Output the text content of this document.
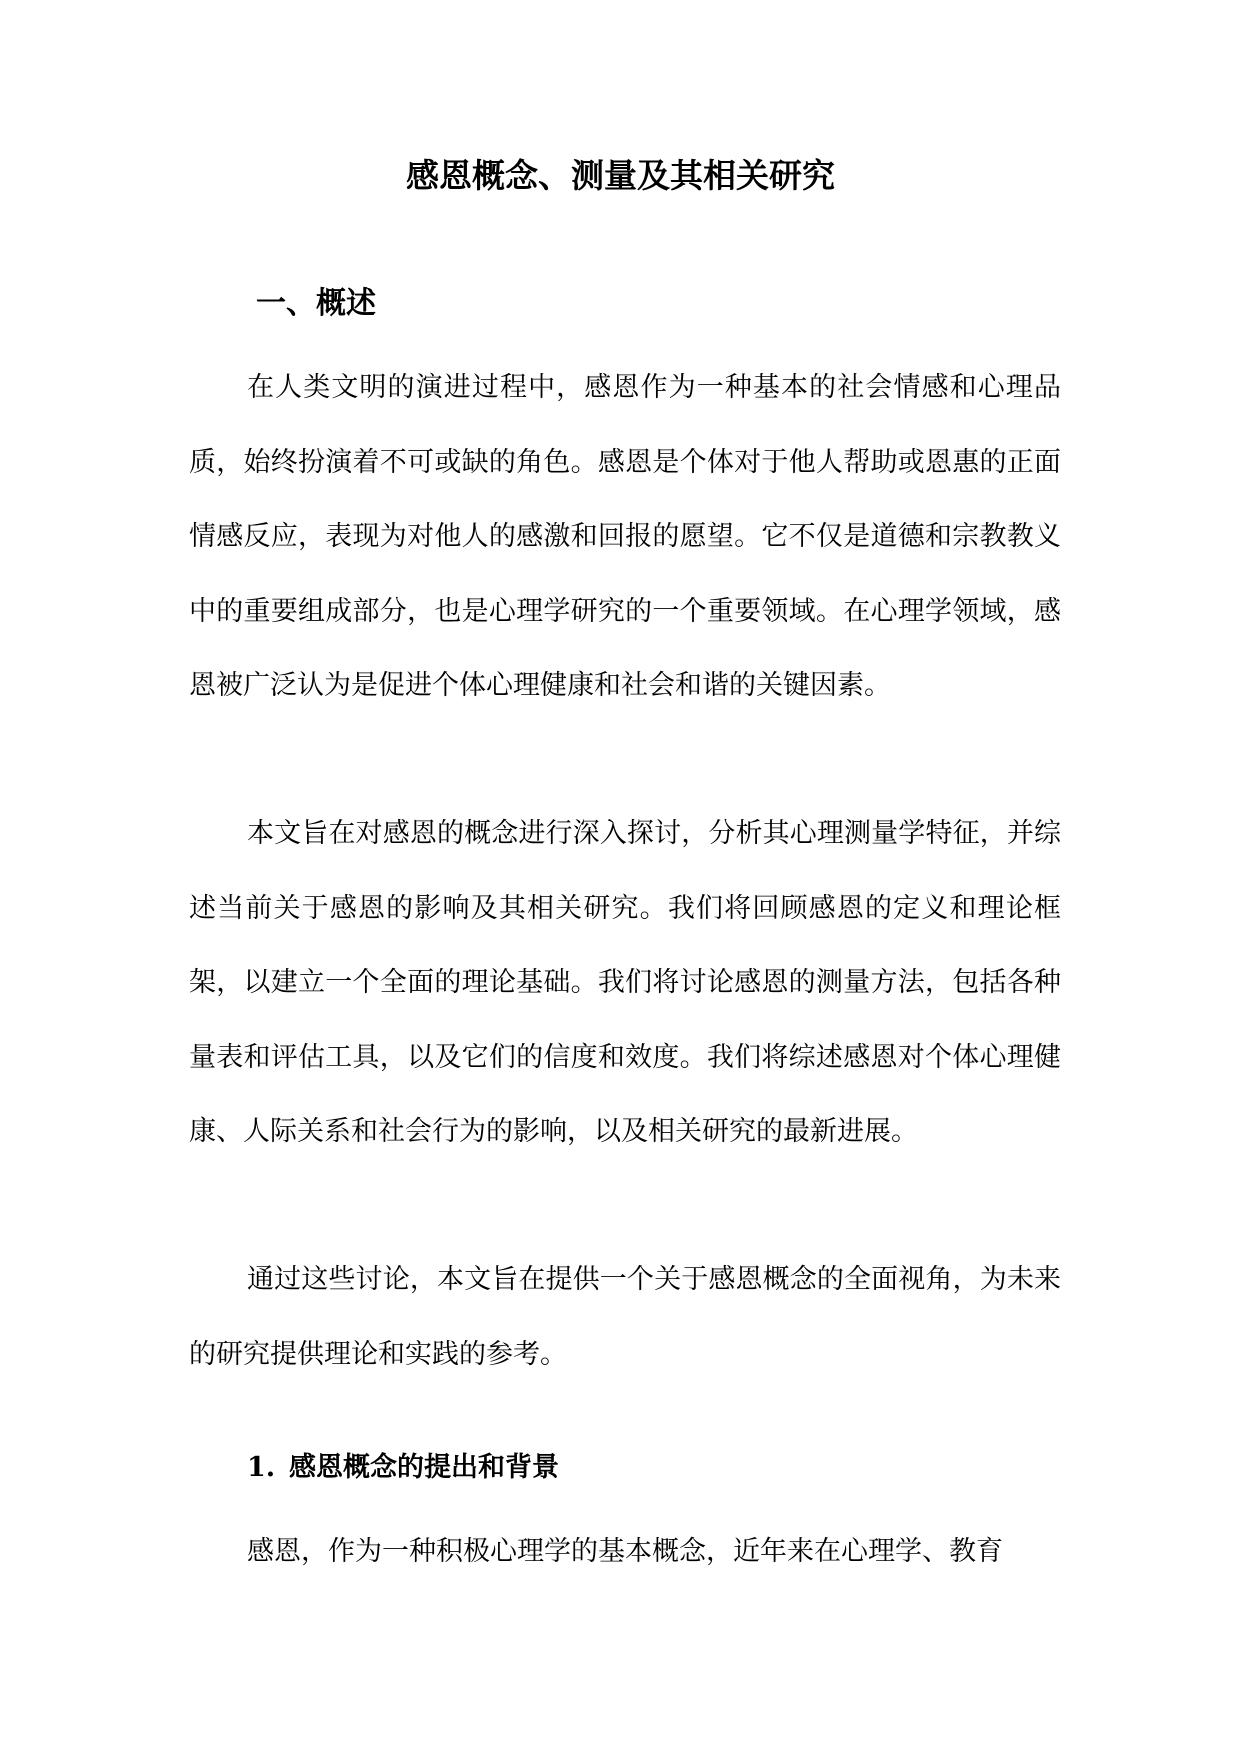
感恩概念、测量及其相关研究
一、概述

在人类文明的演进过程中，感恩作为一种基本的社会情感和心理品质，始终扮演着不可或缺的角色。感恩是个体对于他人帮助或恩惠的正面情感反应，表现为对他人的感激和回报的愿望。它不仅是道德和宗教教义中的重要组成部分，也是心理学研究的一个重要领域。在心理学领域，感恩被广泛认为是促进个体心理健康和社会和谐的关键因素。

本文旨在对感恩的概念进行深入探讨，分析其心理测量学特征，并综述当前关于感恩的影响及其相关研究。我们将回顾感恩的定义和理论框架，以建立一个全面的理论基础。我们将讨论感恩的测量方法，包括各种量表和评估工具，以及它们的信度和效度。我们将综述感恩对个体心理健康、人际关系和社会行为的影响，以及相关研究的最新进展。

通过这些讨论，本文旨在提供一个关于感恩概念的全面视角，为未来的研究提供理论和实践的参考。

1. 感恩概念的提出和背景

感恩，作为一种积极心理学的基本概念，近年来在心理学、教育
